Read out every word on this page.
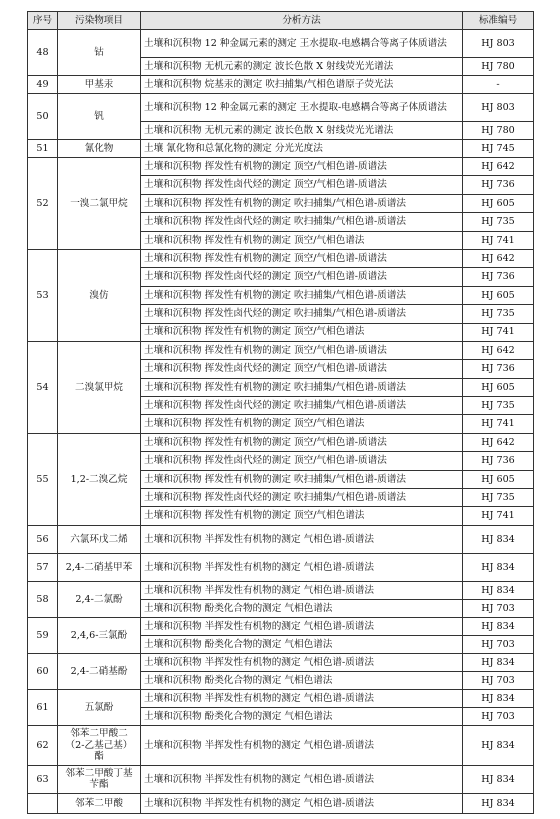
序号	污染物项目	分析方法	标准编号
48	钴	土壤和沉积物 12 种金属元素的测定 王水提取-电感耦合等离子体质谱法	HJ 803
		土壤和沉积物 无机元素的测定 波长色散 X 射线荧光光谱法	HJ 780
49	甲基汞	土壤和沉积物 烷基汞的测定 吹扫捕集/气相色谱原子荧光法	-
50	钒	土壤和沉积物 12 种金属元素的测定 王水提取-电感耦合等离子体质谱法	HJ 803
		土壤和沉积物 无机元素的测定 波长色散 X 射线荧光光谱法	HJ 780
51	氰化物	土壤 氰化物和总氰化物的测定 分光光度法	HJ 745
52	一溴二氯甲烷	土壤和沉积物 挥发性有机物的测定 顶空/气相色谱-质谱法	HJ 642
		土壤和沉积物 挥发性卤代烃的测定 顶空/气相色谱-质谱法	HJ 736
		土壤和沉积物 挥发性有机物的测定 吹扫捕集/气相色谱-质谱法	HJ 605
		土壤和沉积物 挥发性卤代烃的测定 吹扫捕集/气相色谱-质谱法	HJ 735
		土壤和沉积物 挥发性有机物的测定 顶空/气相色谱法	HJ 741
53	溴仿	土壤和沉积物 挥发性有机物的测定 顶空/气相色谱-质谱法	HJ 642
		土壤和沉积物 挥发性卤代烃的测定 顶空/气相色谱-质谱法	HJ 736
		土壤和沉积物 挥发性有机物的测定 吹扫捕集/气相色谱-质谱法	HJ 605
		土壤和沉积物 挥发性卤代烃的测定 吹扫捕集/气相色谱-质谱法	HJ 735
		土壤和沉积物 挥发性有机物的测定 顶空/气相色谱法	HJ 741
54	二溴氯甲烷	土壤和沉积物 挥发性有机物的测定 顶空/气相色谱-质谱法	HJ 642
		土壤和沉积物 挥发性卤代烃的测定 顶空/气相色谱-质谱法	HJ 736
		土壤和沉积物 挥发性有机物的测定 吹扫捕集/气相色谱-质谱法	HJ 605
		土壤和沉积物 挥发性卤代烃的测定 吹扫捕集/气相色谱-质谱法	HJ 735
		土壤和沉积物 挥发性有机物的测定 顶空/气相色谱法	HJ 741
55	1,2-二溴乙烷	土壤和沉积物 挥发性有机物的测定 顶空/气相色谱-质谱法	HJ 642
		土壤和沉积物 挥发性卤代烃的测定 顶空/气相色谱-质谱法	HJ 736
		土壤和沉积物 挥发性有机物的测定 吹扫捕集/气相色谱-质谱法	HJ 605
		土壤和沉积物 挥发性卤代烃的测定 吹扫捕集/气相色谱-质谱法	HJ 735
		土壤和沉积物 挥发性有机物的测定 顶空/气相色谱法	HJ 741
56	六氯环戊二烯	土壤和沉积物 半挥发性有机物的测定 气相色谱-质谱法	HJ 834
57	2,4-二硝基甲苯	土壤和沉积物 半挥发性有机物的测定 气相色谱-质谱法	HJ 834
58	2,4-二氯酚	土壤和沉积物 半挥发性有机物的测定 气相色谱-质谱法	HJ 834
		土壤和沉积物 酚类化合物的测定 气相色谱法	HJ 703
59	2,4,6-三氯酚	土壤和沉积物 半挥发性有机物的测定 气相色谱-质谱法	HJ 834
		土壤和沉积物 酚类化合物的测定 气相色谱法	HJ 703
60	2,4-二硝基酚	土壤和沉积物 半挥发性有机物的测定 气相色谱-质谱法	HJ 834
		土壤和沉积物 酚类化合物的测定 气相色谱法	HJ 703
61	五氯酚	土壤和沉积物 半挥发性有机物的测定 气相色谱-质谱法	HJ 834
		土壤和沉积物 酚类化合物的测定 气相色谱法	HJ 703
62	邻苯二甲酸二（2-乙基己基）酯	土壤和沉积物 半挥发性有机物的测定 气相色谱-质谱法	HJ 834
63	邻苯二甲酸丁基苄酯	土壤和沉积物 半挥发性有机物的测定 气相色谱-质谱法	HJ 834
	邻苯二甲酸	土壤和沉积物 半挥发性有机物的测定 气相色谱-质谱法	HJ 834
